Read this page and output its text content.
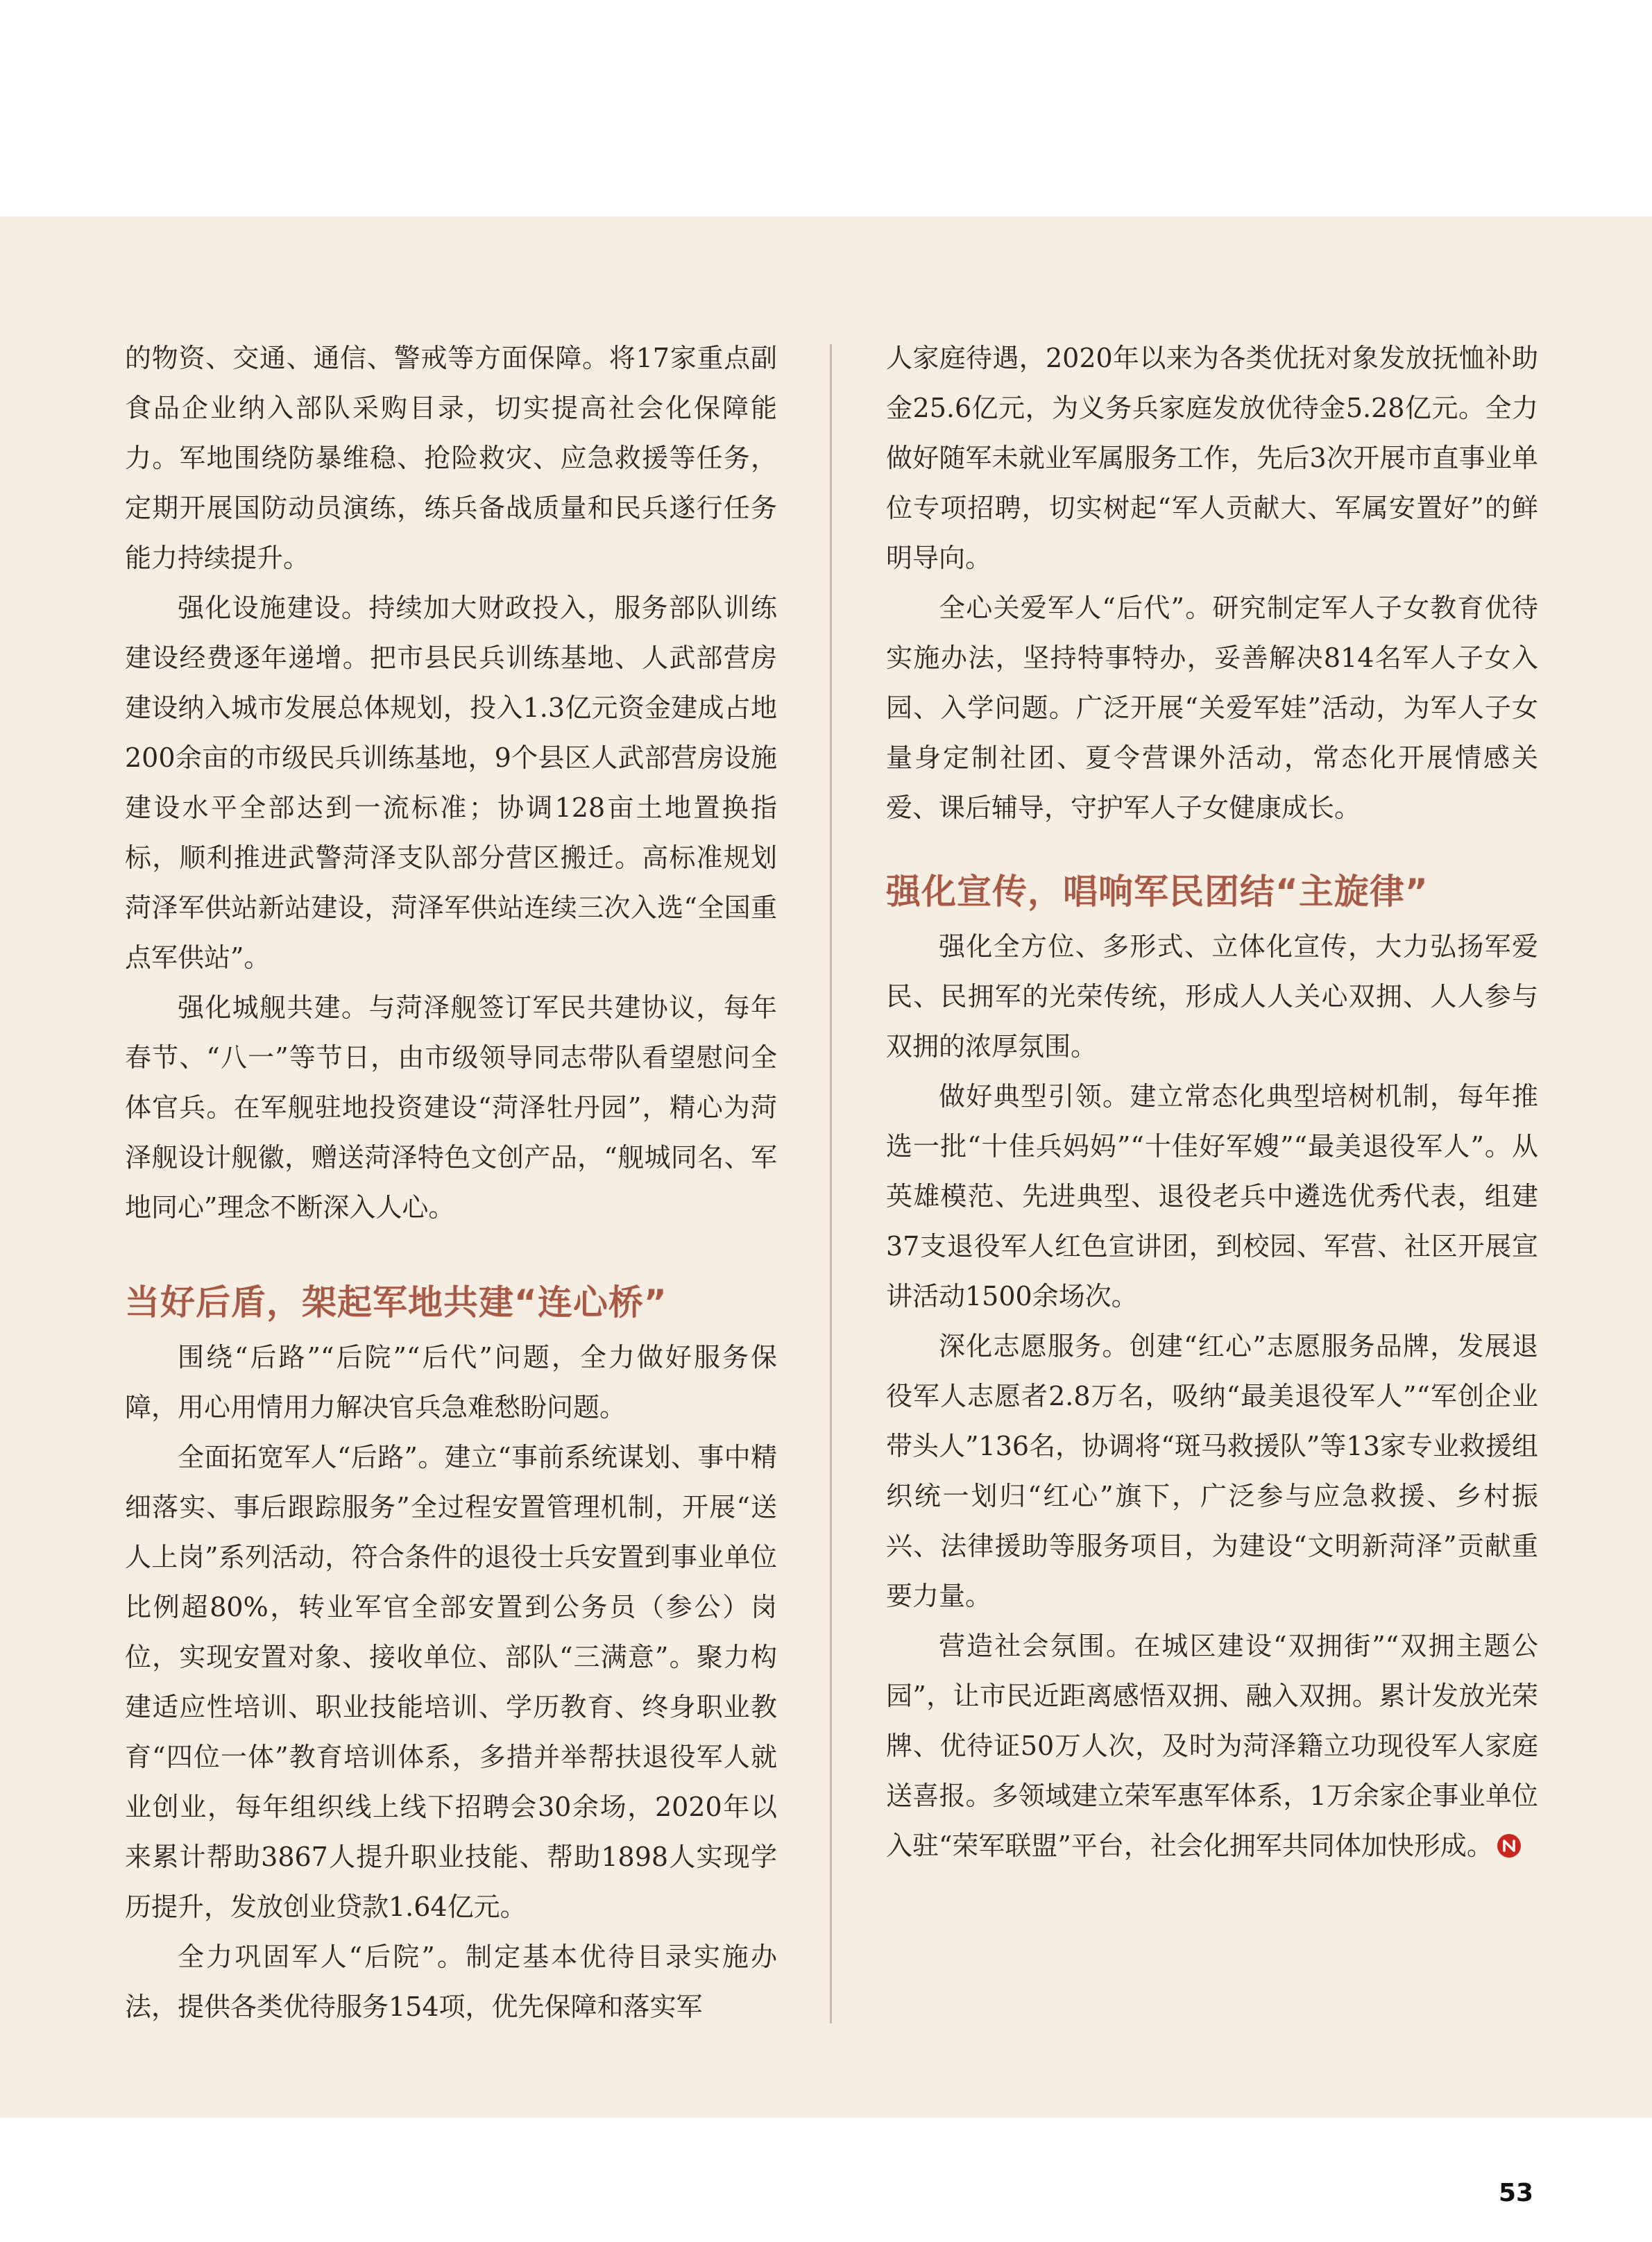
的物资、交通、通信、警戒等方面保障。将17家重点副食品企业纳入部队采购目录，切实提高社会化保障能力。军地围绕防暴维稳、抢险救灾、应急救援等任务，定期开展国防动员演练，练兵备战质量和民兵遂行任务能力持续提升。

强化设施建设。持续加大财政投入，服务部队训练建设经费逐年递增。把市县民兵训练基地、人武部营房建设纳入城市发展总体规划，投入1.3亿元资金建成占地200余亩的市级民兵训练基地，9个县区人武部营房设施建设水平全部达到一流标准；协调128亩土地置换指标，顺利推进武警菏泽支队部分营区搬迁。高标准规划菏泽军供站新站建设，菏泽军供站连续三次入选“全国重点军供站”。

强化城舰共建。与菏泽舰签订军民共建协议，每年春节、“八一”等节日，由市级领导同志带队看望慰问全体官兵。在军舰驻地投资建设“菏泽牡丹园”，精心为菏泽舰设计舰徽，赠送菏泽特色文创产品，“舰城同名、军地同心”理念不断深入人心。

当好后盾，架起军地共建“连心桥”

围绕“后路”“后院”“后代”问题，全力做好服务保障，用心用情用力解决官兵急难愁盼问题。

全面拓宽军人“后路”。建立“事前系统谋划、事中精细落实、事后跟踪服务”全过程安置管理机制，开展“送人上岗”系列活动，符合条件的退役士兵安置到事业单位比例超80%，转业军官全部安置到公务员（参公）岗位，实现安置对象、接收单位、部队“三满意”。聚力构建适应性培训、职业技能培训、学历教育、终身职业教育“四位一体”教育培训体系，多措并举帮扶退役军人就业创业，每年组织线上线下招聘会30余场，2020年以来累计帮助3867人提升职业技能、帮助1898人实现学历提升，发放创业贷款1.64亿元。

全力巩固军人“后院”。制定基本优待目录实施办法，提供各类优待服务154项，优先保障和落实军

人家庭待遇，2020年以来为各类优抚对象发放抚恤补助金25.6亿元，为义务兵家庭发放优待金5.28亿元。全力做好随军未就业军属服务工作，先后3次开展市直事业单位专项招聘，切实树起“军人贡献大、军属安置好”的鲜明导向。

全心关爱军人“后代”。研究制定军人子女教育优待实施办法，坚持特事特办，妥善解决814名军人子女入园、入学问题。广泛开展“关爱军娃”活动，为军人子女量身定制社团、夏令营课外活动，常态化开展情感关爱、课后辅导，守护军人子女健康成长。

强化宣传，唱响军民团结“主旋律”

强化全方位、多形式、立体化宣传，大力弘扬军爱民、民拥军的光荣传统，形成人人关心双拥、人人参与双拥的浓厚氛围。

做好典型引领。建立常态化典型培树机制，每年推选一批“十佳兵妈妈”“十佳好军嫂”“最美退役军人”。从英雄模范、先进典型、退役老兵中遴选优秀代表，组建37支退役军人红色宣讲团，到校园、军营、社区开展宣讲活动1500余场次。

深化志愿服务。创建“红心”志愿服务品牌，发展退役军人志愿者2.8万名，吸纳“最美退役军人”“军创企业带头人”136名，协调将“斑马救援队”等13家专业救援组织统一划归“红心”旗下，广泛参与应急救援、乡村振兴、法律援助等服务项目，为建设“文明新菏泽”贡献重要力量。

营造社会氛围。在城区建设“双拥街”“双拥主题公园”，让市民近距离感悟双拥、融入双拥。累计发放光荣牌、优待证50万人次，及时为菏泽籍立功现役军人家庭送喜报。多领域建立荣军惠军体系，1万余家企事业单位入驻“荣军联盟”平台，社会化拥军共同体加快形成。

53
